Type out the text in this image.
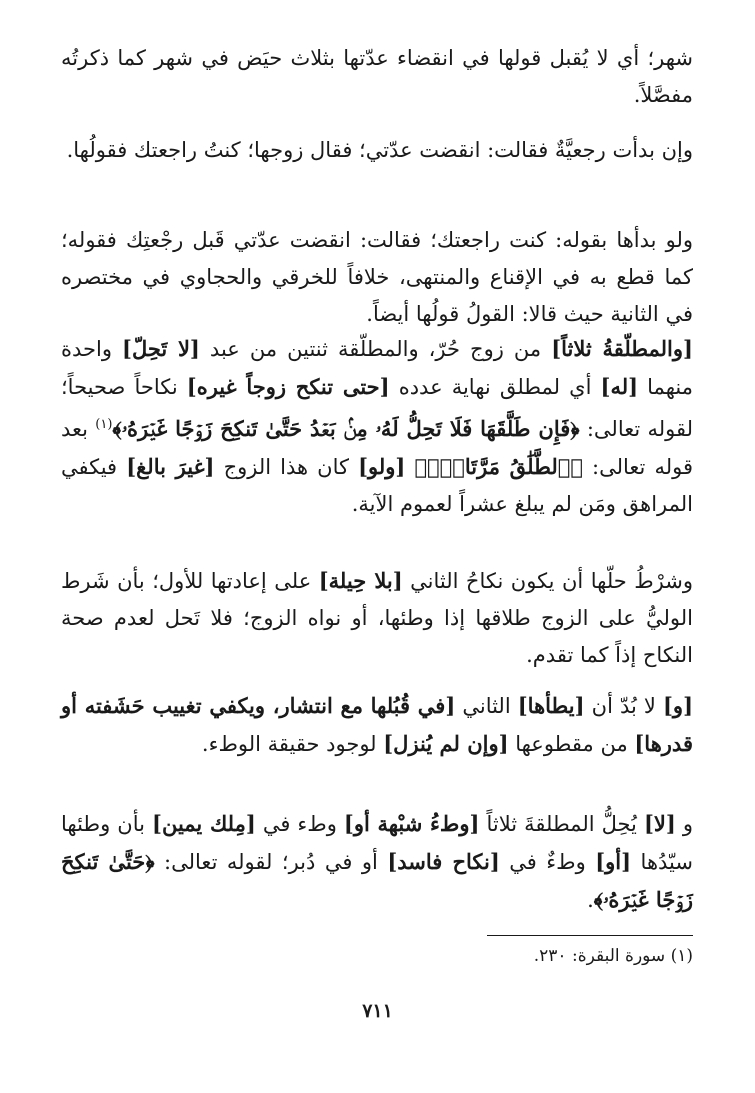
شهر؛ أي لا يُقبل قولها في انقضاء عدّتها بثلاث حيَض في شهر كما ذكرتُه مفصَّلاً.

وإن بدأت رجعيَّةٌ فقالت: انقضت عدّتي؛ فقال زوجها؛ كنتُ راجعتك فقولُها.

ولو بدأها بقوله: كنت راجعتك؛ فقالت: انقضت عدّتي قَبل رجْعتِك فقوله؛ كما قطع به في الإقناع والمنتهى، خلافاً للخرقي والحجاوي في مختصره في الثانية حيث قالا: القولُ قولُها أيضاً.

[والمطلّقةُ ثلاثاً] من زوج حُرّ، والمطلّقة ثنتين من عبد [لا تَحِلّ] واحدة منهما [له] أي لمطلق نهاية عدده [حتى تنكح زوجاً غيره] نكاحاً صحيحاً؛ لقوله تعالى: ﴿فَإِن طَلَّقَهَا فَلَا تَحِلُّ لَهُۥ مِنۢ بَعۡدُ حَتَّىٰ تَنكِحَ زَوۡجًا غَيۡرَهُۥ﴾$^{(١)}$ بعد قوله تعالى: ﴿ٱلطَّلَٰقُ مَرَّتَانِۖ﴾ [ولو] كان هذا الزوج [غيرَ بالغ] فيكفي المراهق ومَن لم يبلغ عشراً لعموم الآية.

وشرْطُ حلّها أن يكون نكاحُ الثاني [بلا حِيلة] على إعادتها للأول؛ بأن شَرط الوليُّ على الزوج طلاقها إذا وطئها، أو نواه الزوج؛ فلا تَحل لعدم صحة النكاح إذاً كما تقدم.

[و] لا بُدّ أن [يطأها] الثاني [في قُبُلها مع انتشار، ويكفي تغييب حَشَفته أو قدرها] من مقطوعها [وإن لم يُنزل] لوجود حقيقة الوطء.

و [لا] يُحِلُّ المطلقةَ ثلاثاً [وطءُ شبْهة أو] وطء في [مِلك يمين] بأن وطئها سيّدُها [أو] وطءٌ في [نكاح فاسد] أو في دُبر؛ لقوله تعالى: ﴿حَتَّىٰ تَنكِحَ زَوۡجًا غَيۡرَهُۥ﴾.

(١) سورة البقرة: ٢٣٠.
٧١١
